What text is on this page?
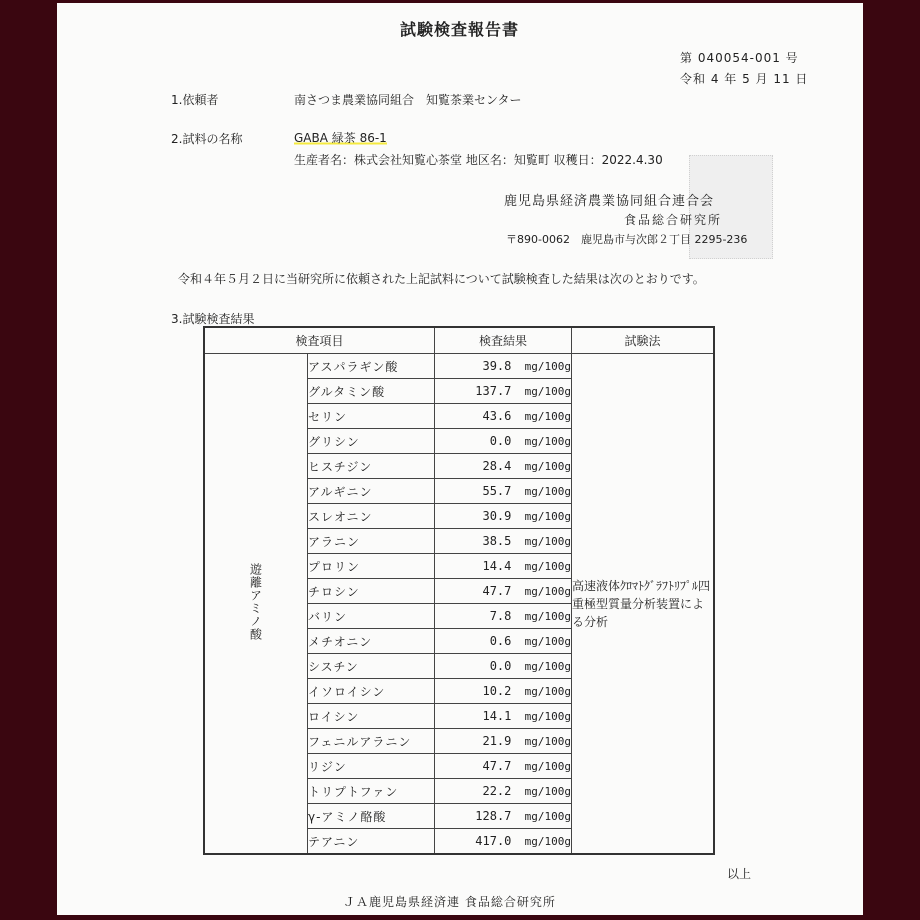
試験検査報告書
第 040054-001 号
令和 4 年 5 月 11 日
1.依頼者	南さつま農業協同組合　知覧茶業センター
2.試料の名称	GABA 緑茶 86-1
生産者名：株式会社知覧心茶堂 地区名：知覧町 収穫日：2022.4.30
鹿児島県経済農業協同組合連合会
食品総合研究所
〒890-0062　鹿児島市与次郎２丁目 2295-236
令和４年５月２日に当研究所に依頼された上記試料について試験検査した結果は次のとおりです。
3.試験検査結果
検査項目		検査結果	試験法
遊離アミノ酸	アスパラギン酸	39.8 mg/100g	高速液体ｸﾛﾏﾄｸﾞﾗﾌﾄﾘﾌﾟﾙ四重極型質量分析装置による分析
	グルタミン酸	137.7 mg/100g	
	セリン	43.6 mg/100g	
	グリシン	0.0 mg/100g	
	ヒスチジン	28.4 mg/100g	
	アルギニン	55.7 mg/100g	
	スレオニン	30.9 mg/100g	
	アラニン	38.5 mg/100g	
	プロリン	14.4 mg/100g	
	チロシン	47.7 mg/100g	
	バリン	7.8 mg/100g	
	メチオニン	0.6 mg/100g	
	シスチン	0.0 mg/100g	
	イソロイシン	10.2 mg/100g	
	ロイシン	14.1 mg/100g	
	フェニルアラニン	21.9 mg/100g	
	リジン	47.7 mg/100g	
	トリプトファン	22.2 mg/100g	
	γ-アミノ酪酸	128.7 mg/100g	
	テアニン	417.0 mg/100g	
以上
ＪＡ鹿児島県経済連 食品総合研究所
